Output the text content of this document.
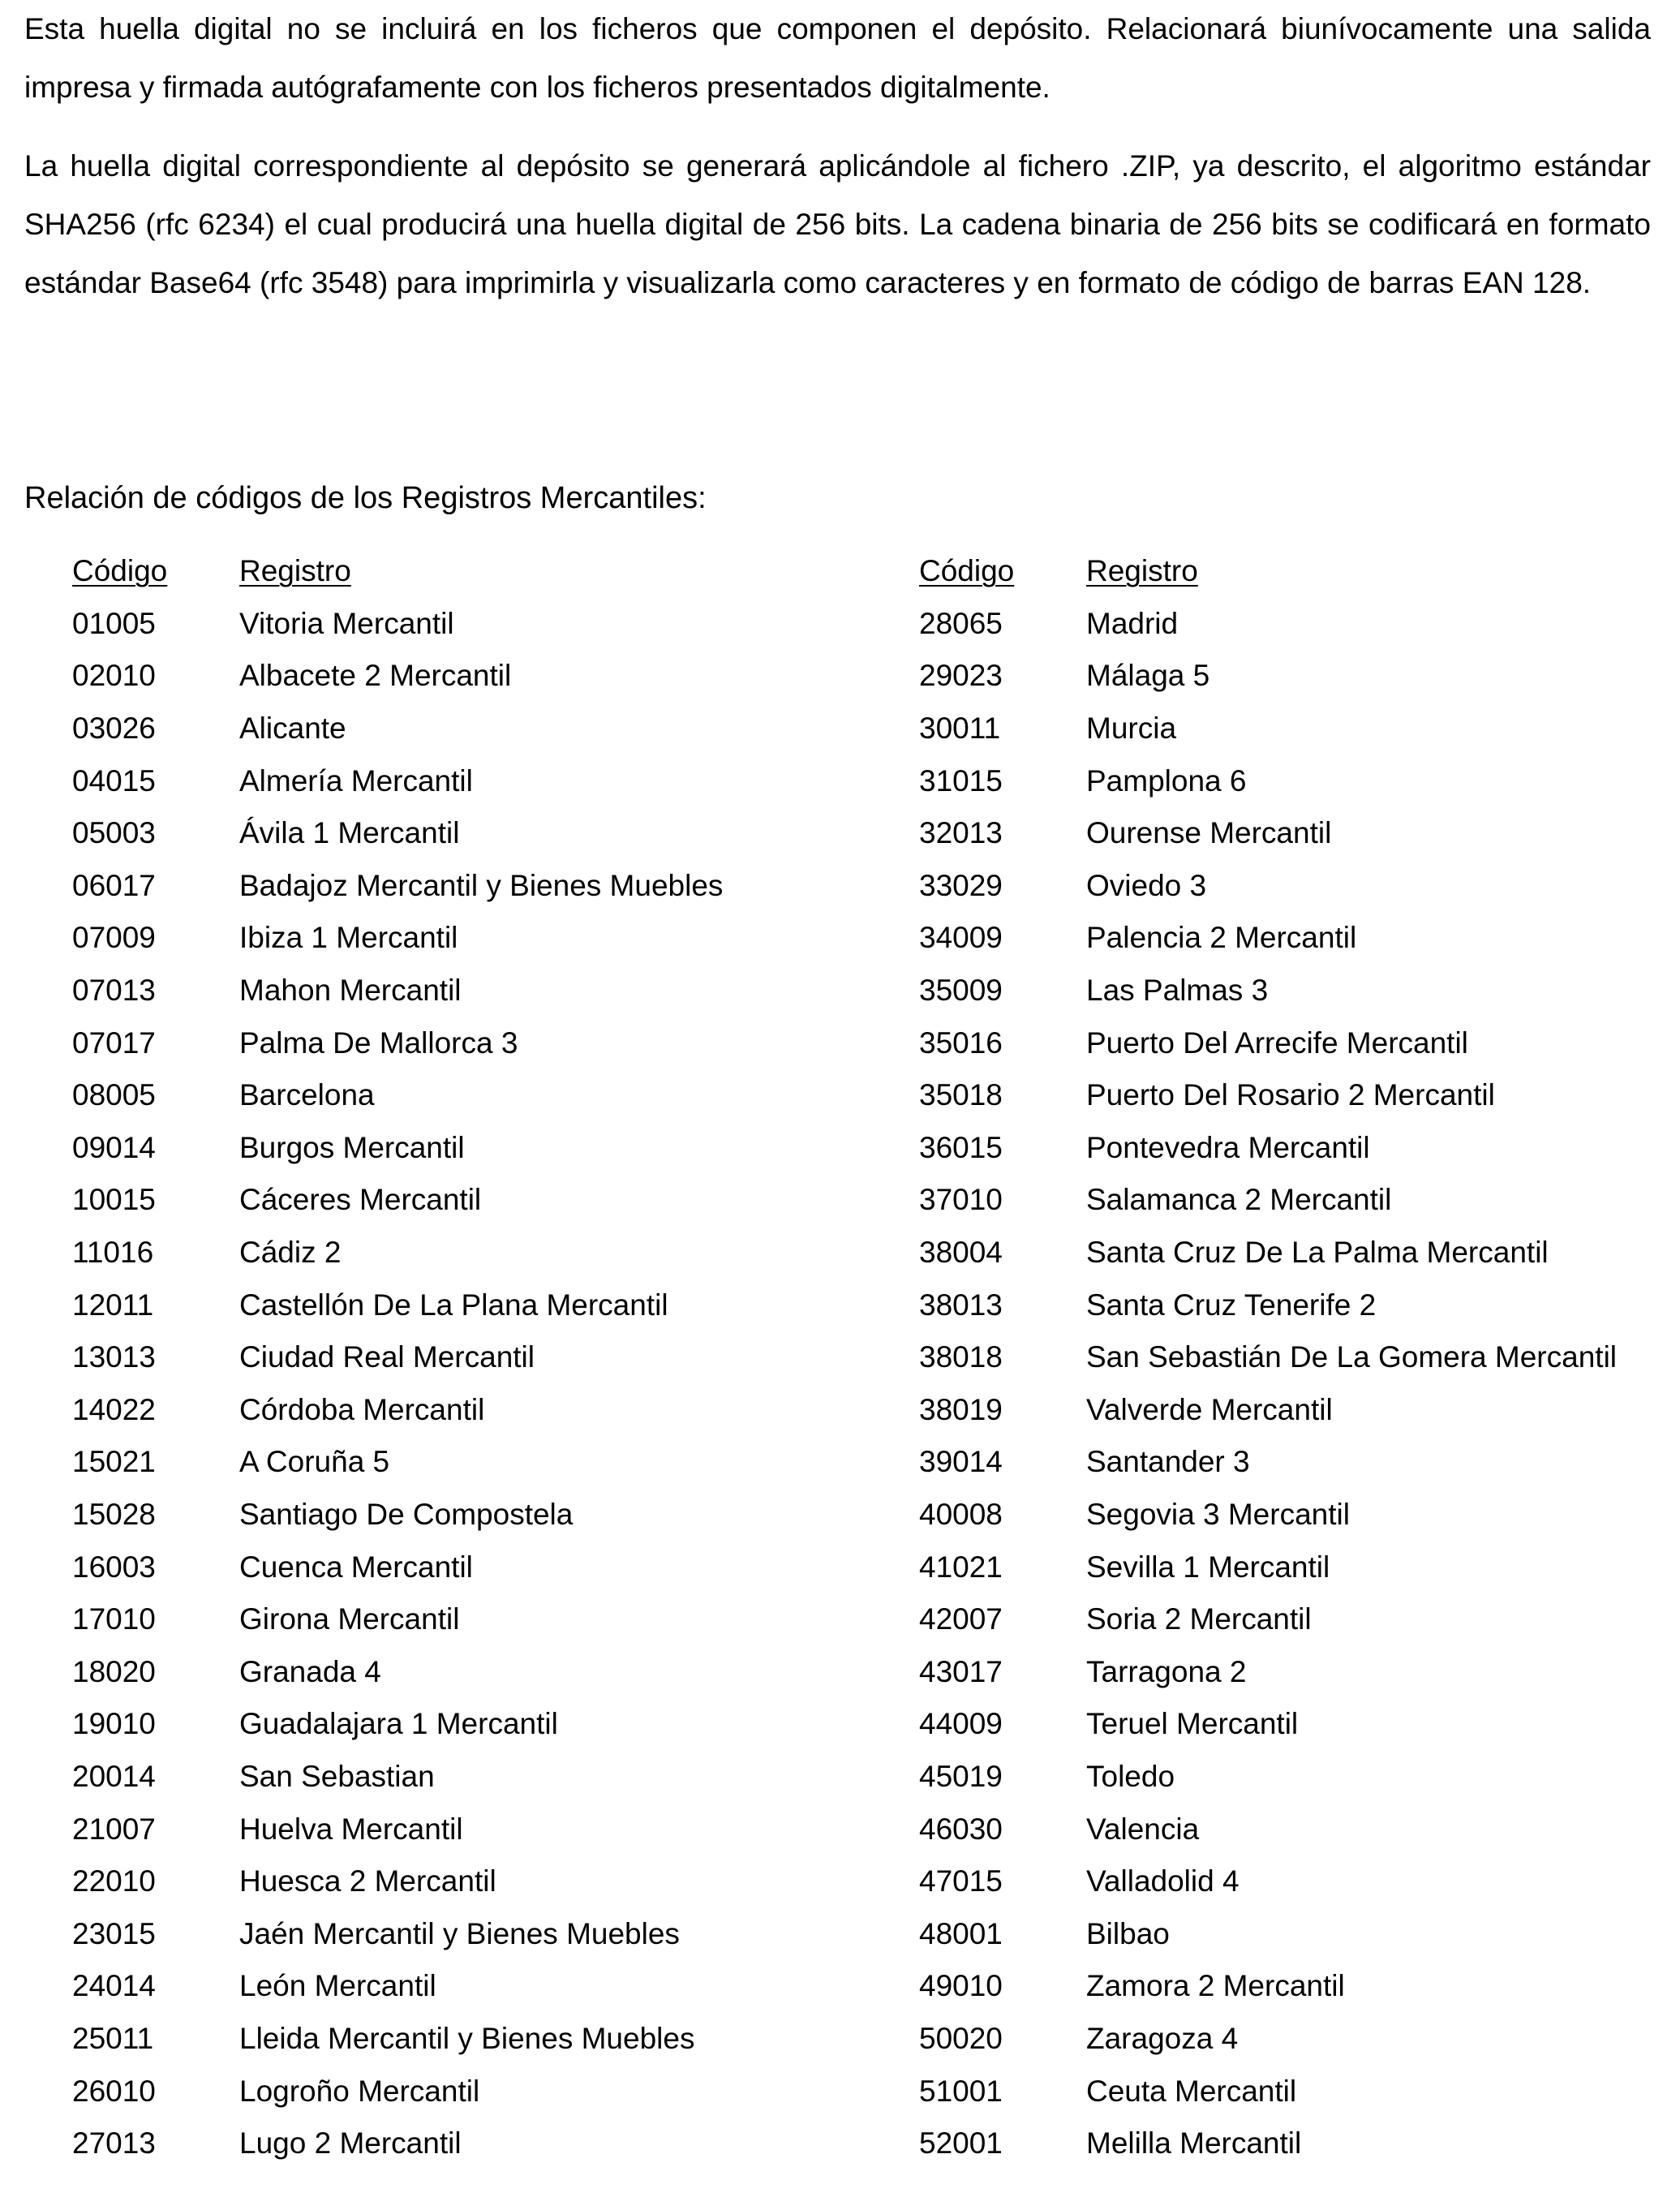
Esta huella digital no se incluirá en los ficheros que componen el depósito. Relacionará biunívocamente una salida impresa y firmada autógrafamente con los ficheros presentados digitalmente.

La huella digital correspondiente al depósito se generará aplicándole al fichero .ZIP, ya descrito, el algoritmo estándar SHA256 (rfc 6234) el cual producirá una huella digital de 256 bits. La cadena binaria de 256 bits se codificará en formato estándar Base64 (rfc 3548) para imprimirla y visualizarla como caracteres y en formato de código de barras EAN 128.

Relación de códigos de los Registros Mercantiles:
Código	Registro
01005	Vitoria Mercantil
02010	Albacete 2 Mercantil
03026	Alicante
04015	Almería Mercantil
05003	Ávila 1 Mercantil
06017	Badajoz Mercantil y Bienes Muebles
07009	Ibiza 1 Mercantil
07013	Mahon Mercantil
07017	Palma De Mallorca 3
08005	Barcelona
09014	Burgos Mercantil
10015	Cáceres Mercantil
11016	Cádiz 2
12011	Castellón De La Plana Mercantil
13013	Ciudad Real Mercantil
14022	Córdoba Mercantil
15021	A Coruña 5
15028	Santiago De Compostela
16003	Cuenca Mercantil
17010	Girona Mercantil
18020	Granada 4
19010	Guadalajara 1 Mercantil
20014	San Sebastian
21007	Huelva Mercantil
22010	Huesca 2 Mercantil
23015	Jaén Mercantil y Bienes Muebles
24014	León Mercantil
25011	Lleida Mercantil y Bienes Muebles
26010	Logroño Mercantil
27013	Lugo 2 Mercantil
Código	Registro
28065	Madrid
29023	Málaga 5
30011	Murcia
31015	Pamplona 6
32013	Ourense Mercantil
33029	Oviedo 3
34009	Palencia 2 Mercantil
35009	Las Palmas 3
35016	Puerto Del Arrecife Mercantil
35018	Puerto Del Rosario 2 Mercantil
36015	Pontevedra Mercantil
37010	Salamanca 2 Mercantil
38004	Santa Cruz De La Palma Mercantil
38013	Santa Cruz Tenerife 2
38018	San Sebastián De La Gomera Mercantil
38019	Valverde Mercantil
39014	Santander 3
40008	Segovia 3 Mercantil
41021	Sevilla 1 Mercantil
42007	Soria 2 Mercantil
43017	Tarragona 2
44009	Teruel Mercantil
45019	Toledo
46030	Valencia
47015	Valladolid 4
48001	Bilbao
49010	Zamora 2 Mercantil
50020	Zaragoza 4
51001	Ceuta Mercantil
52001	Melilla Mercantil
